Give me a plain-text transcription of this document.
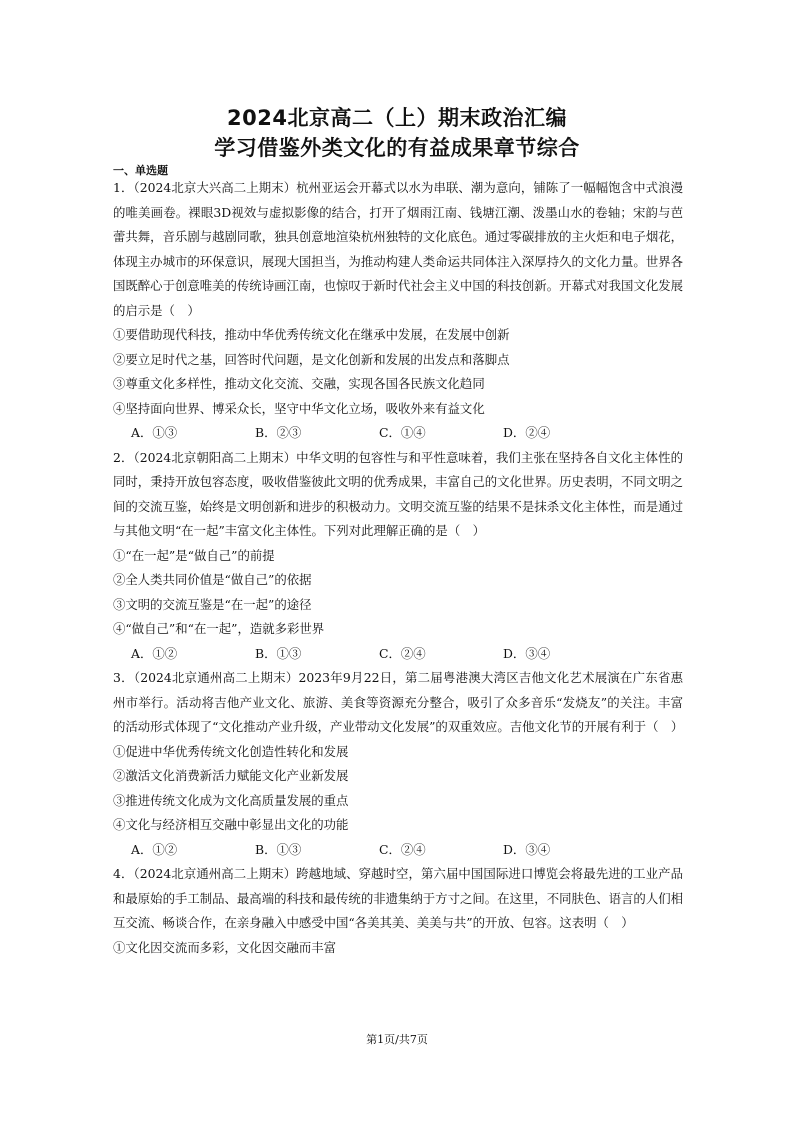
2024北京高二（上）期末政治汇编
学习借鉴外类文化的有益成果章节综合
一、单选题
1．（2024北京大兴高二上期末）杭州亚运会开幕式以水为串联、潮为意向，铺陈了一幅幅饱含中式浪漫的唯美画卷。裸眼3D视效与虚拟影像的结合，打开了烟雨江南、钱塘江潮、泼墨山水的卷轴；宋韵与芭蕾共舞，音乐剧与越剧同歌，独具创意地渲染杭州独特的文化底色。通过零碳排放的主火炬和电子烟花，体现主办城市的环保意识，展现大国担当，为推动构建人类命运共同体注入深厚持久的文化力量。世界各国既醉心于创意唯美的传统诗画江南，也惊叹于新时代社会主义中国的科技创新。开幕式对我国文化发展的启示是（　）
①要借助现代科技，推动中华优秀传统文化在继承中发展，在发展中创新
②要立足时代之基，回答时代问题，是文化创新和发展的出发点和落脚点
③尊重文化多样性，推动文化交流、交融，实现各国各民族文化趋同
④坚持面向世界、博采众长，坚守中华文化立场，吸收外来有益文化
A．①③	B．②③	C．①④	D．②④
2．（2024北京朝阳高二上期末）中华文明的包容性与和平性意味着，我们主张在坚持各自文化主体性的同时，秉持开放包容态度，吸收借鉴彼此文明的优秀成果，丰富自己的文化世界。历史表明，不同文明之间的交流互鉴，始终是文明创新和进步的积极动力。文明交流互鉴的结果不是抹杀文化主体性，而是通过与其他文明“在一起”丰富文化主体性。下列对此理解正确的是（　）
①“在一起”是“做自己”的前提
②全人类共同价值是“做自己”的依据
③文明的交流互鉴是“在一起”的途径
④“做自己”和“在一起”，造就多彩世界
A．①②	B．①③	C．②④	D．③④
3．（2024北京通州高二上期末）2023年9月22日，第二届粤港澳大湾区吉他文化艺术展演在广东省惠州市举行。活动将吉他产业文化、旅游、美食等资源充分整合，吸引了众多音乐“发烧友”的关注。丰富的活动形式体现了“文化推动产业升级，产业带动文化发展”的双重效应。吉他文化节的开展有利于（　）
①促进中华优秀传统文化创造性转化和发展
②激活文化消费新活力赋能文化产业新发展
③推进传统文化成为文化高质量发展的重点
④文化与经济相互交融中彰显出文化的功能
A．①②	B．①③	C．②④	D．③④
4．（2024北京通州高二上期末）跨越地域、穿越时空，第六届中国国际进口博览会将最先进的工业产品和最原始的手工制品、最高端的科技和最传统的非遗集纳于方寸之间。在这里，不同肤色、语言的人们相互交流、畅谈合作，在亲身融入中感受中国“各美其美、美美与共”的开放、包容。这表明（　）
①文化因交流而多彩，文化因交融而丰富
第1页/共7页
